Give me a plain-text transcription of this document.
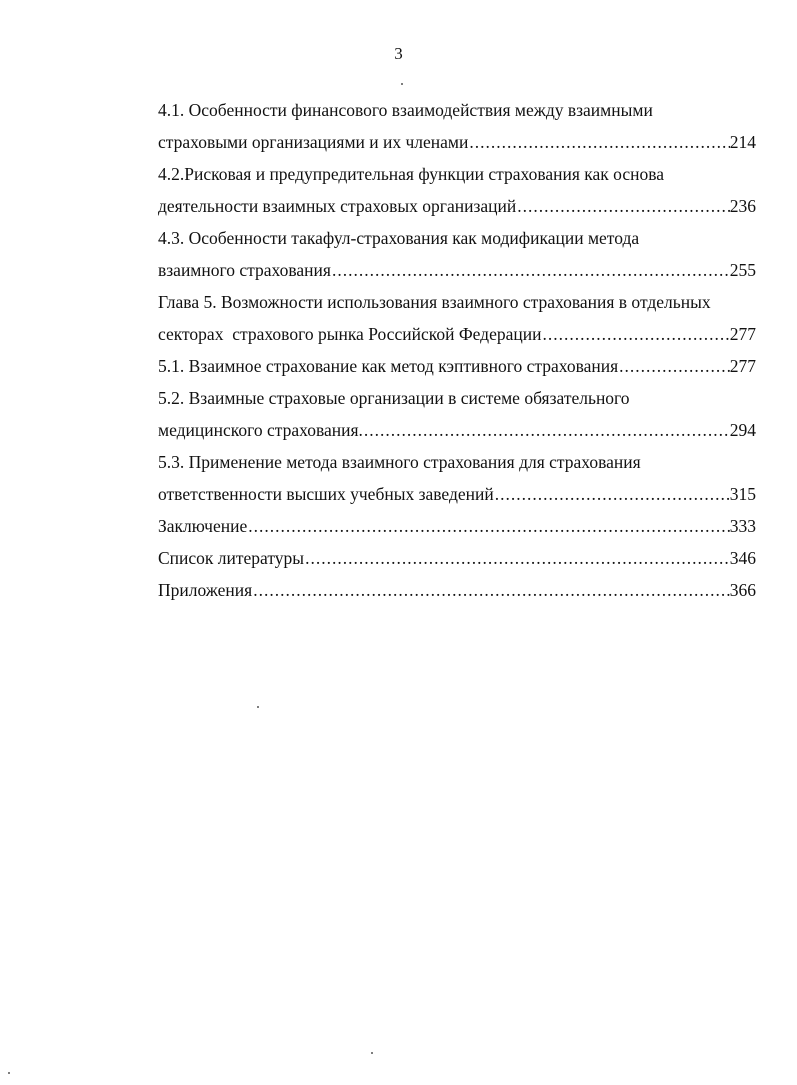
3
4.1. Особенности финансового взаимодействия между взаимными
страховыми организациями и их членами .....	214
4.2.Рисковая и предупредительная функции страхования как основа
деятельности взаимных страховых организаций .....	236
4.3. Особенности такафул-страхования как модификации метода
взаимного страхования .....	255
Глава 5. Возможности использования взаимного страхования в отдельных
секторах  страхового рынка Российской Федерации .....	277
5.1. Взаимное страхование как метод кэптивного страхования .....	277
5.2. Взаимные страховые организации в системе обязательного
медицинского страхования. .....	294
5.3. Применение метода взаимного страхования для страхования
ответственности высших учебных заведений .....	315
Заключение .....	333
Список литературы .....	346
Приложения .....	366
